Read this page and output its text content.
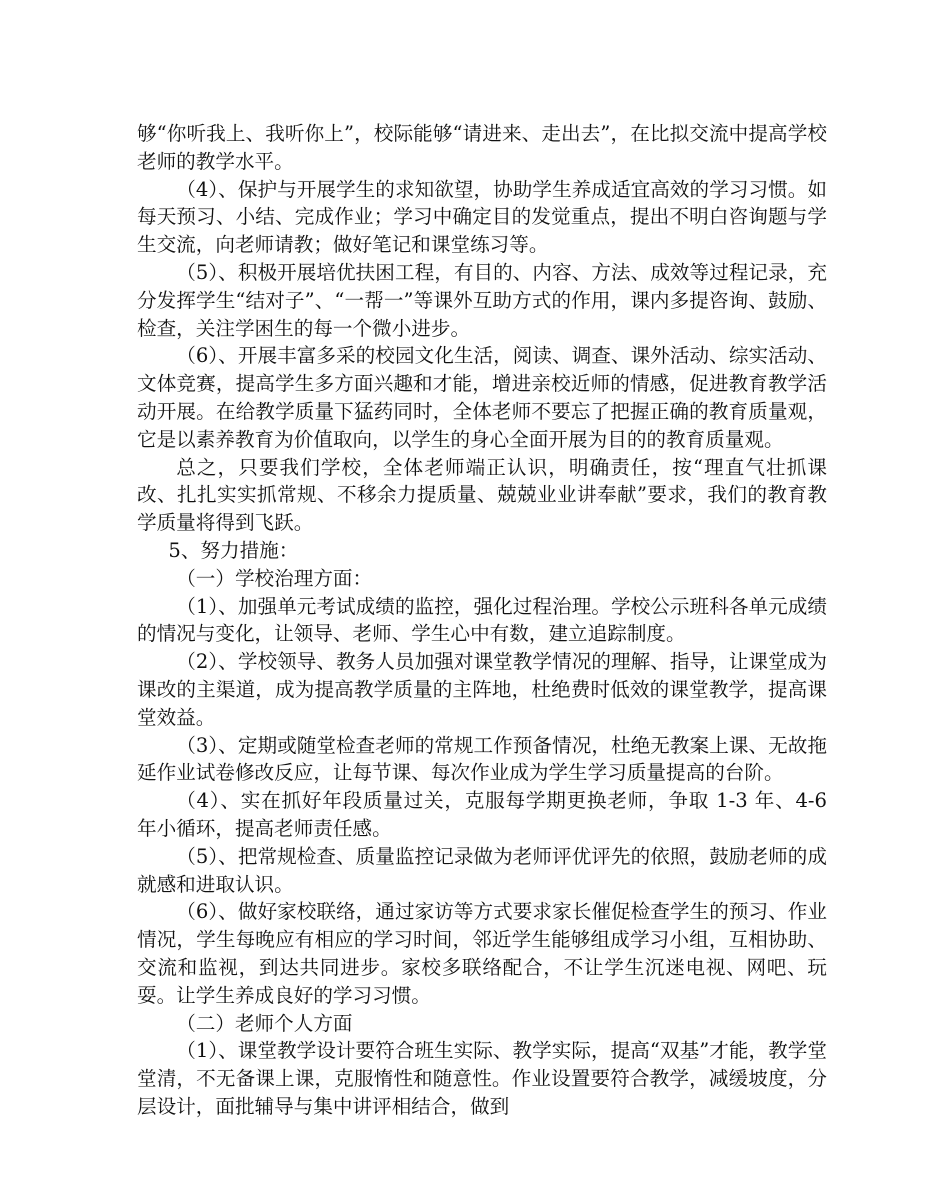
够“你听我上、我听你上”，校际能够“请进来、走出去”，在比拟交流中提高学校老师的教学水平。

（4）、保护与开展学生的求知欲望，协助学生养成适宜高效的学习习惯。如每天预习、小结、完成作业；学习中确定目的发觉重点，提出不明白咨询题与学生交流，向老师请教；做好笔记和课堂练习等。

（5）、积极开展培优扶困工程，有目的、内容、方法、成效等过程记录，充分发挥学生“结对子”、“一帮一”等课外互助方式的作用，课内多提咨询、鼓励、检查，关注学困生的每一个微小进步。

（6）、开展丰富多采的校园文化生活，阅读、调查、课外活动、综实活动、文体竞赛，提高学生多方面兴趣和才能，增进亲校近师的情感，促进教育教学活动开展。在给教学质量下猛药同时，全体老师不要忘了把握正确的教育质量观，它是以素养教育为价值取向，以学生的身心全面开展为目的的教育质量观。

总之，只要我们学校，全体老师端正认识，明确责任，按“理直气壮抓课改、扎扎实实抓常规、不移余力提质量、兢兢业业讲奉献”要求，我们的教育教学质量将得到飞跃。

5、努力措施：

（一）学校治理方面：

（1）、加强单元考试成绩的监控，强化过程治理。学校公示班科各单元成绩的情况与变化，让领导、老师、学生心中有数，建立追踪制度。

（2）、学校领导、教务人员加强对课堂教学情况的理解、指导，让课堂成为课改的主渠道，成为提高教学质量的主阵地，杜绝费时低效的课堂教学，提高课堂效益。

（3）、定期或随堂检查老师的常规工作预备情况，杜绝无教案上课、无故拖延作业试卷修改反应，让每节课、每次作业成为学生学习质量提高的台阶。

（4）、实在抓好年段质量过关，克服每学期更换老师，争取 1-3 年、4-6 年小循环，提高老师责任感。

（5）、把常规检查、质量监控记录做为老师评优评先的依照，鼓励老师的成就感和进取认识。

（6）、做好家校联络，通过家访等方式要求家长催促检查学生的预习、作业情况，学生每晚应有相应的学习时间，邻近学生能够组成学习小组，互相协助、交流和监视，到达共同进步。家校多联络配合，不让学生沉迷电视、网吧、玩耍。让学生养成良好的学习习惯。

（二）老师个人方面

（1）、课堂教学设计要符合班生实际、教学实际，提高“双基”才能，教学堂堂清，不无备课上课，克服惰性和随意性。作业设置要符合教学，减缓坡度，分层设计，面批辅导与集中讲评相结合，做到
